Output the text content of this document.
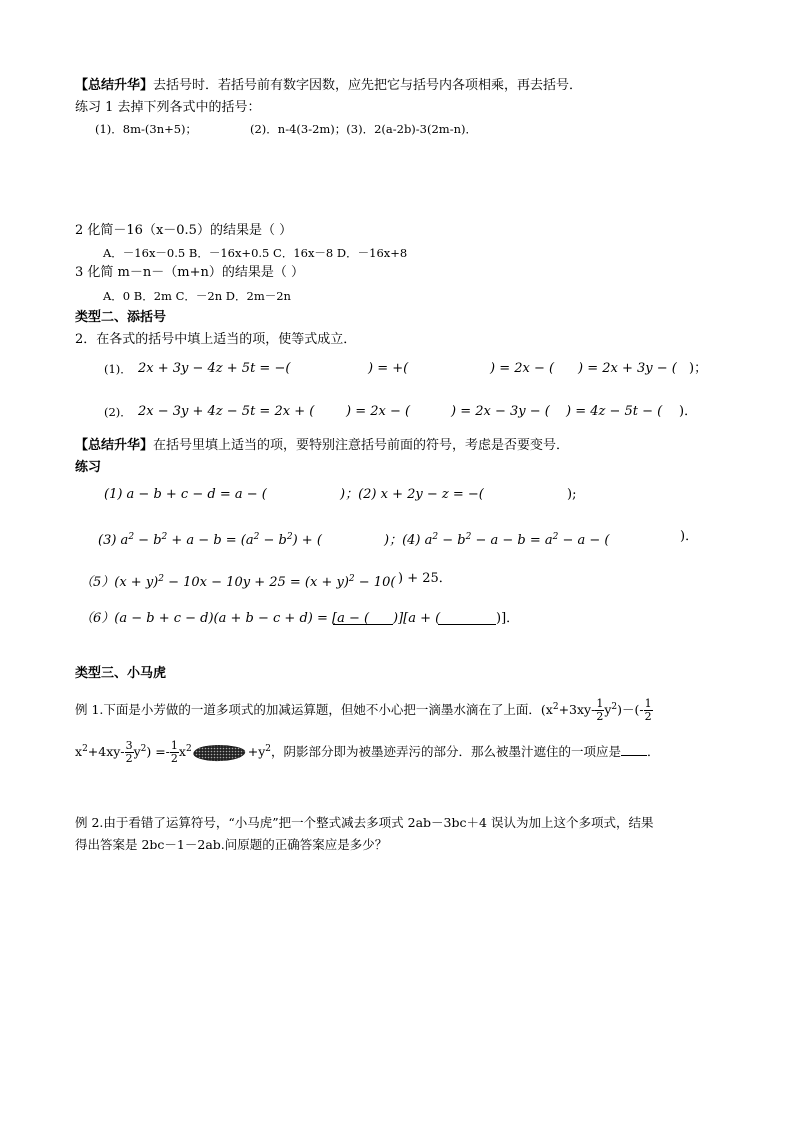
【总结升华】去括号时．若括号前有数字因数，应先把它与括号内各项相乘，再去括号．
练习 1 去掉下列各式中的括号：
(1)．8m-(3n+5)；	(2)．n-4(3-2m)；(3)．2(a-2b)-3(2m-n)．
2 化简－16（x－0.5）的结果是（ ）
A．－16x－0.5 B．－16x+0.5 C．16x－8 D．－16x+8
3 化简 m－n－（m+n）的结果是（ ）
A．0 B．2m C．－2n D．2m－2n
类型二、添括号
2．在各式的括号中填上适当的项，使等式成立．
(1)． 2x + 3y − 4z + 5t = −(	) = +(	) = 2x − ( ) = 2x + 3y − ( )；
(2)． 2x − 3y + 4z − 5t = 2x + ( ) = 2x − (	) = 2x − 3y − ( ) = 4z − 5t − ( )．
【总结升华】在括号里填上适当的项，要特别注意括号前面的符号，考虑是否要变号．
练习
(1) a − b + c − d = a − (	)；(2) x + 2y − z = −(	);
(3) $a^2 - b^2 + a - b = (a^2 - b^2)$ + (	)；(4) $a^2 - b^2 - a - b = a^2 - a$ − (	)．
$(5)(x + y)^2 - 10x - 10y + 25 = (x + y)^2 - 10$( ) + 25．
（6）(a − b + c − d)(a + b − c + d) = [a − ( )][a + (	)]．
类型三、小马虎
例 1.下面是小芳做的一道多项式的加减运算题，但她不小心把一滴墨水滴在了上面．$(x^2+3xy- \frac{1}{2} y^2)-(- \frac{1}{2}$
$x^2+4xy- \frac{3}{2} y^2) =- \frac{1}{2} x^2$	$+y^2$，阴影部分即为被墨迹弄污的部分．那么被墨汁遮住的一项应是 ．
例 2.由于看错了运算符号，“小马虎”把一个整式减去多项式 2ab－3bc＋4 误认为加上这个多项式，结果
得出答案是 2bc－1－2ab.问原题的正确答案应是多少？
